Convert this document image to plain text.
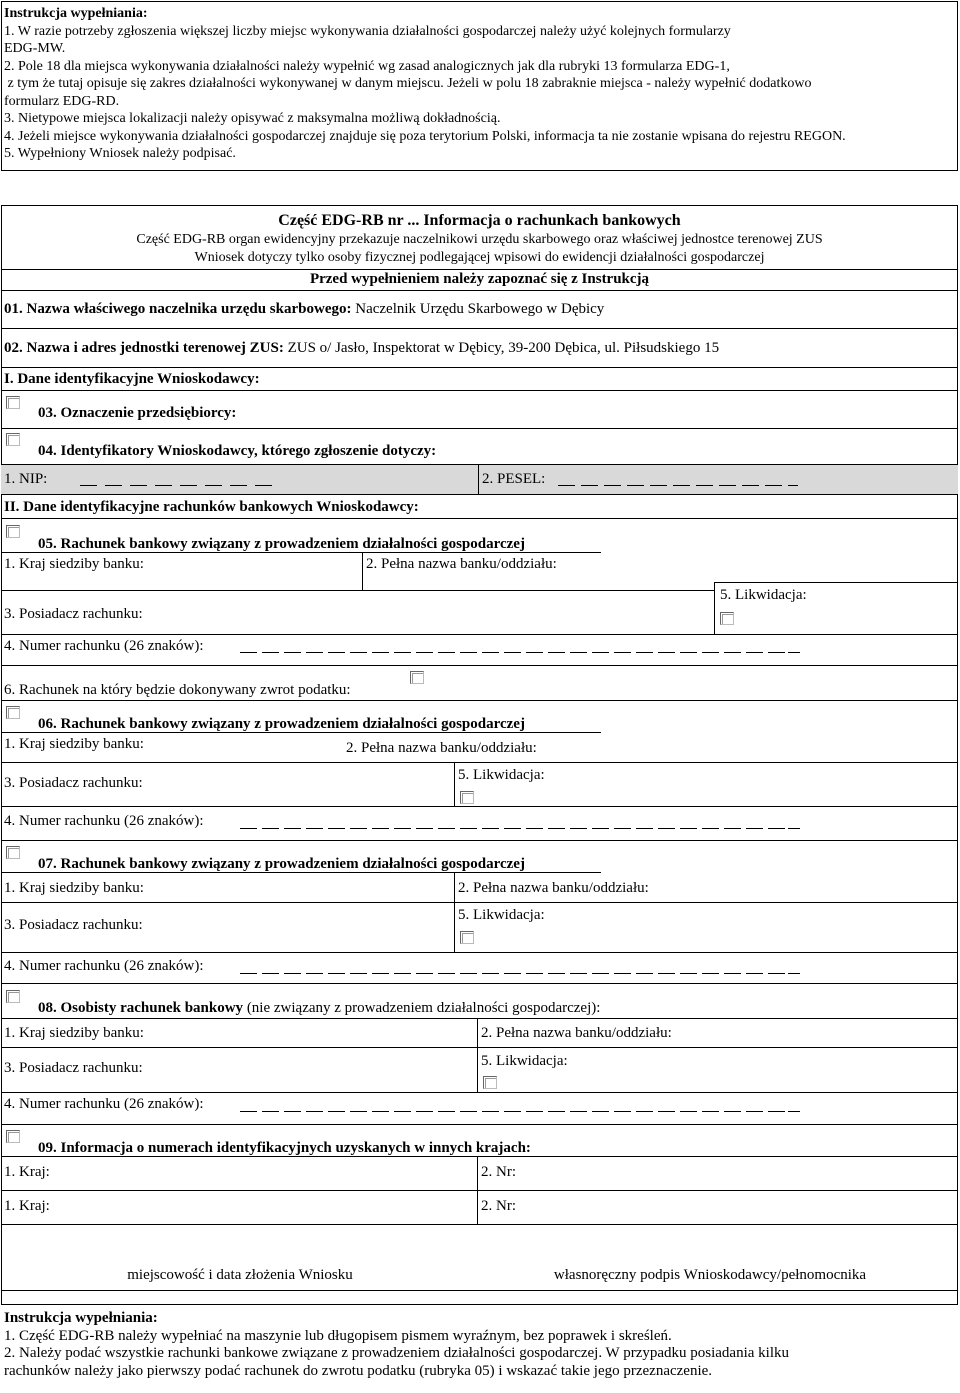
Instrukcja wypełniania:
1. W razie potrzeby zgłoszenia większej liczby miejsc wykonywania działalności gospodarczej należy użyć kolejnych formularzy
EDG-MW.
2. Pole 18 dla miejsca wykonywania działalności należy wypełnić wg zasad analogicznych jak dla rubryki 13 formularza EDG-1,
z tym że tutaj opisuje się zakres działalności wykonywanej w danym miejscu. Jeżeli w polu 18 zabraknie miejsca - należy wypełnić dodatkowo
formularz EDG-RD.
3. Nietypowe miejsca lokalizacji należy opisywać z maksymalna możliwą dokładnością.
4. Jeżeli miejsce wykonywania działalności gospodarczej znajduje się poza terytorium Polski, informacja ta nie zostanie wpisana do rejestru REGON.
5. Wypełniony Wniosek należy podpisać.
Część EDG-RB nr ... Informacja o rachunkach bankowych
Część EDG-RB organ ewidencyjny przekazuje naczelnikowi urzędu skarbowego oraz właściwej jednostce terenowej ZUS
Wniosek dotyczy tylko osoby fizycznej podlegającej wpisowi do ewidencji działalności gospodarczej
Przed wypełnieniem należy zapoznać się z Instrukcją
01. Nazwa właściwego naczelnika urzędu skarbowego: Naczelnik Urzędu Skarbowego w Dębicy
02. Nazwa i adres jednostki terenowej ZUS: ZUS o/ Jasło, Inspektorat w Dębicy, 39-200 Dębica, ul. Piłsudskiego 15
I. Dane identyfikacyjne Wnioskodawcy:
03. Oznaczenie przedsiębiorcy:
04. Identyfikatory Wnioskodawcy, którego zgłoszenie dotyczy:
1. NIP:	2. PESEL:
II. Dane identyfikacyjne rachunków bankowych Wnioskodawcy:
05. Rachunek bankowy związany z prowadzeniem działalności gospodarczej
1. Kraj siedziby banku:	2. Pełna nazwa banku/oddziału:
5. Likwidacja:
3. Posiadacz rachunku:
4. Numer rachunku (26 znaków):
6. Rachunek na który będzie dokonywany zwrot podatku:
06. Rachunek bankowy związany z prowadzeniem działalności gospodarczej
1. Kraj siedziby banku:	2. Pełna nazwa banku/oddziału:
5. Likwidacja:
3. Posiadacz rachunku:
4. Numer rachunku (26 znaków):
07. Rachunek bankowy związany z prowadzeniem działalności gospodarczej
1. Kraj siedziby banku:	2. Pełna nazwa banku/oddziału:
5. Likwidacja:
3. Posiadacz rachunku:
4. Numer rachunku (26 znaków):
08. Osobisty rachunek bankowy (nie związany z prowadzeniem działalności gospodarczej):
1. Kraj siedziby banku:	2. Pełna nazwa banku/oddziału:
5. Likwidacja:
3. Posiadacz rachunku:
4. Numer rachunku (26 znaków):
09. Informacja o numerach identyfikacyjnych uzyskanych w innych krajach:
1. Kraj:	2. Nr:
1. Kraj:	2. Nr:
miejscowość i data złożenia Wniosku	własnoręczny podpis Wnioskodawcy/pełnomocnika
Instrukcja wypełniania:
1. Część EDG-RB należy wypełniać na maszynie lub długopisem pismem wyraźnym, bez poprawek i skreśleń.
2. Należy podać wszystkie rachunki bankowe związane z prowadzeniem działalności gospodarczej. W przypadku posiadania kilku
rachunków należy jako pierwszy podać rachunek do zwrotu podatku (rubryka 05) i wskazać takie jego przeznaczenie.
